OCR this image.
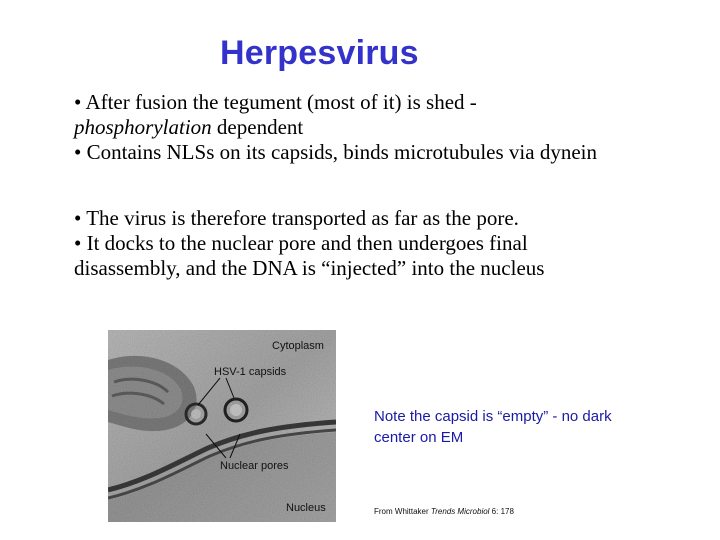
Herpesvirus

• After fusion the tegument (most of it) is shed -
phosphorylation dependent

• Contains NLSs on its capsids, binds microtubules via dynein

• The virus is therefore transported as far as the pore.

• It docks to the nuclear pore and then undergoes final
disassembly, and the DNA is “injected” into the nucleus

Cytoplasm
HSV-1 capsids
Nuclear pores
Nucleus
Note the capsid is “empty” - no dark center on EM
From Whittaker Trends Microbiol 6: 178
